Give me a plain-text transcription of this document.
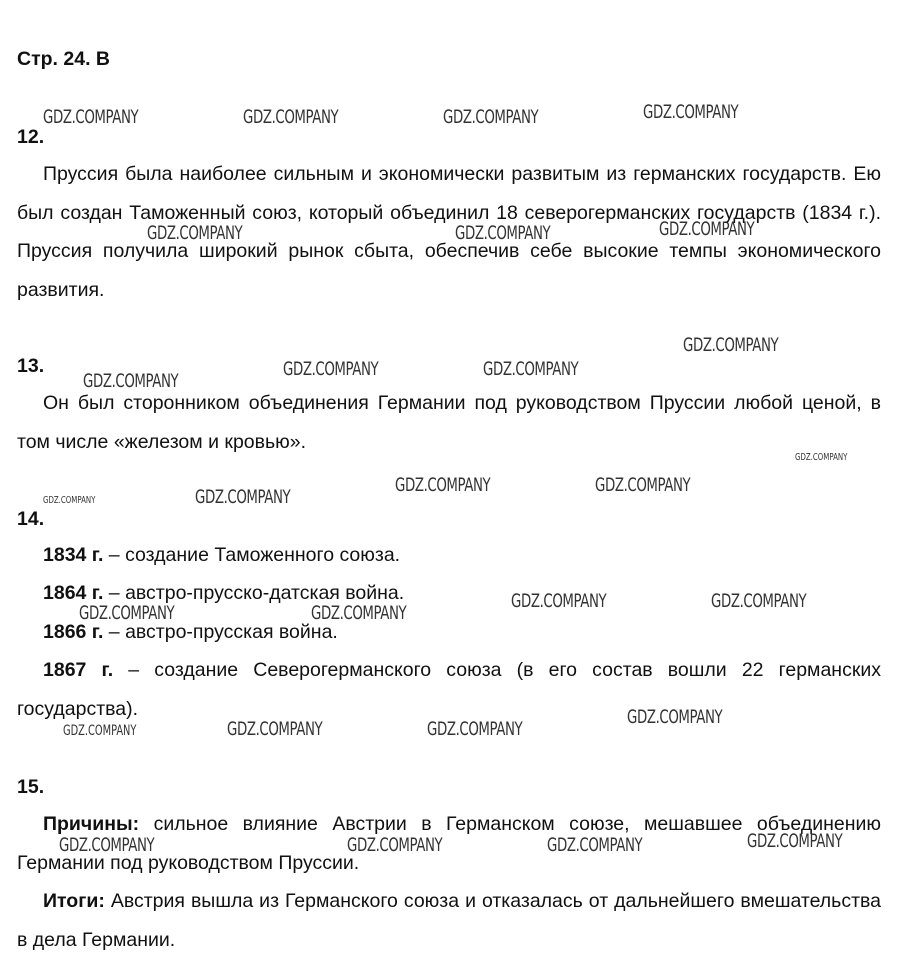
Стр. 24. В
12.

Пруссия была наиболее сильным и экономически развитым из германских государств. Ею был создан Таможенный союз, который объединил 18 северогерманских государств (1834 г.). Пруссия получила широкий рынок сбыта, обеспечив себе высокие темпы экономического развития.

13.

Он был сторонником объединения Германии под руководством Пруссии любой ценой, в том числе «железом и кровью».

14.

1834 г. – создание Таможенного союза.

1864 г. – австро-прусско-датская война.

1866 г. – австро-прусская война.

1867 г. – создание Северогерманского союза (в его состав вошли 22 германских государства).

15.

Причины: сильное влияние Австрии в Германском союзе, мешавшее объединению Германии под руководством Пруссии.

Итоги: Австрия вышла из Германского союза и отказалась от дальнейшего вмешательства в дела Германии.

GDZ.COMPANY	GDZ.COMPANY	GDZ.COMPANY	GDZ.COMPANY
GDZ.COMPANY	GDZ.COMPANY	GDZ.COMPANY
GDZ.COMPANY
GDZ.COMPANY	GDZ.COMPANY
GDZ.COMPANY
GDZ.COMPANY
GDZ.COMPANY	GDZ.COMPANY
GDZ.COMPANY
GDZ.COMPANY
GDZ.COMPANY	GDZ.COMPANY
GDZ.COMPANY	GDZ.COMPANY
GDZ.COMPANY
GDZ.COMPANY	GDZ.COMPANY
GDZ.COMPANY
GDZ.COMPANY
GDZ.COMPANY	GDZ.COMPANY	GDZ.COMPANY
